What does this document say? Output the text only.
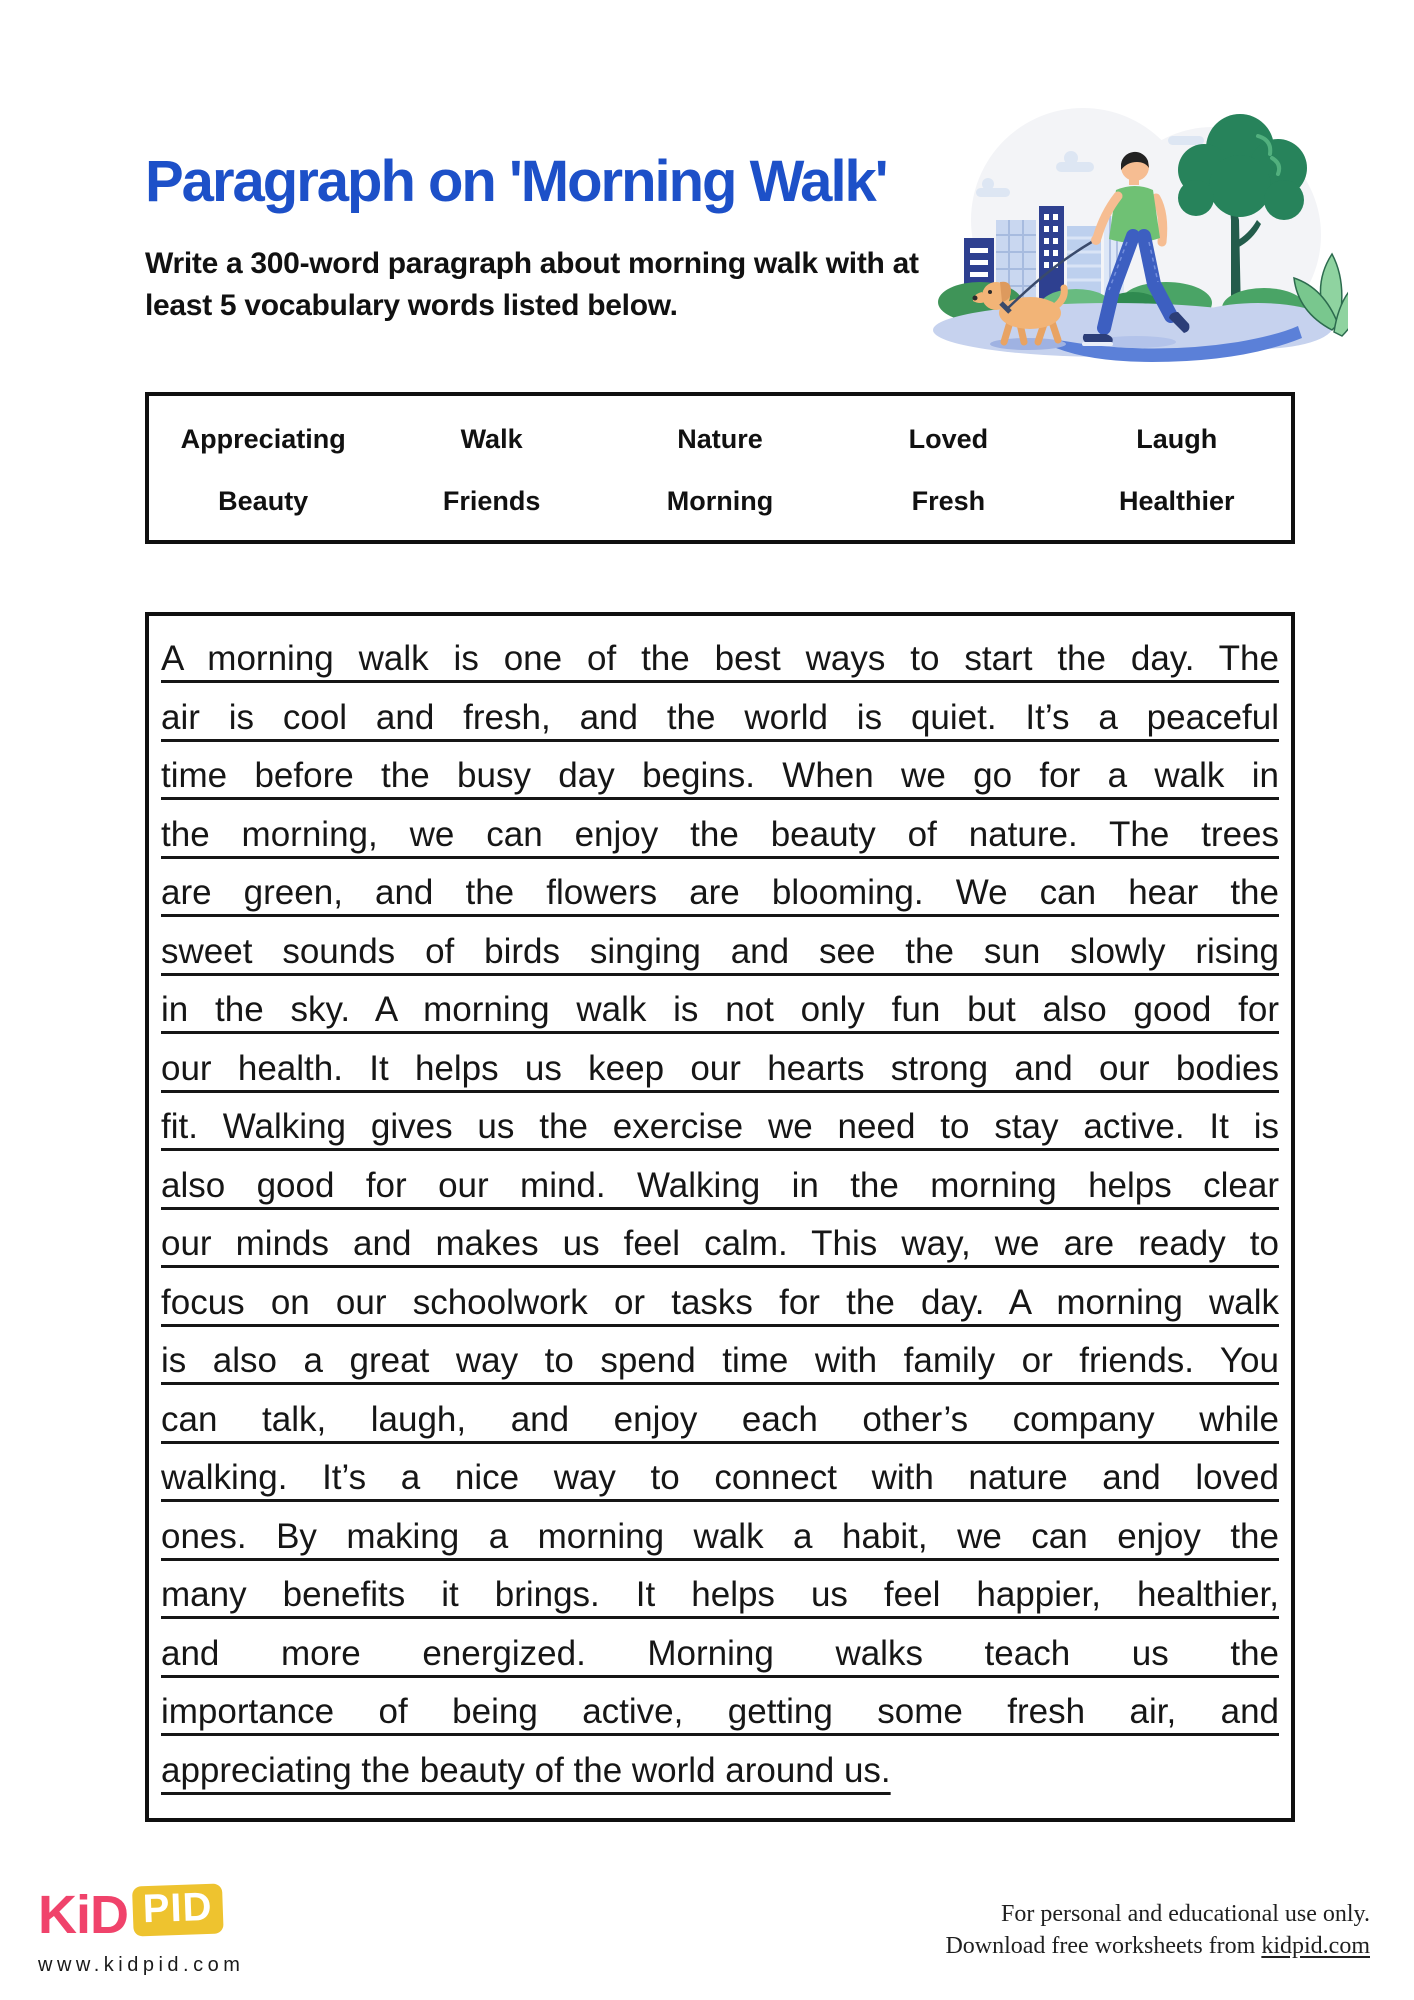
Paragraph on 'Morning Walk'
Write a 300-word paragraph about morning walk with at
least 5 vocabulary words listed below.
Appreciating	Walk	Nature	Loved	Laugh
Beauty	Friends	Morning	Fresh	Healthier
A morning walk is one of the best ways to start the day. The
air is cool and fresh, and the world is quiet. It’s a peaceful
time before the busy day begins. When we go for a walk in
the morning, we can enjoy the beauty of nature. The trees
are green, and the flowers are blooming. We can hear the
sweet sounds of birds singing and see the sun slowly rising
in the sky. A morning walk is not only fun but also good for
our health. It helps us keep our hearts strong and our bodies
fit. Walking gives us the exercise we need to stay active. It is
also good for our mind. Walking in the morning helps clear
our minds and makes us feel calm. This way, we are ready to
focus on our schoolwork or tasks for the day. A morning walk
is also a great way to spend time with family or friends. You
can talk, laugh, and enjoy each other’s company while
walking. It’s a nice way to connect with nature and loved
ones. By making a morning walk a habit, we can enjoy the
many benefits it brings. It helps us feel happier, healthier,
and more energized. Morning walks teach us the
importance of being active, getting some fresh air, and
appreciating the beauty of the world around us.
KiD PID
www.kidpid.com
For personal and educational use only.
Download free worksheets from kidpid.com
